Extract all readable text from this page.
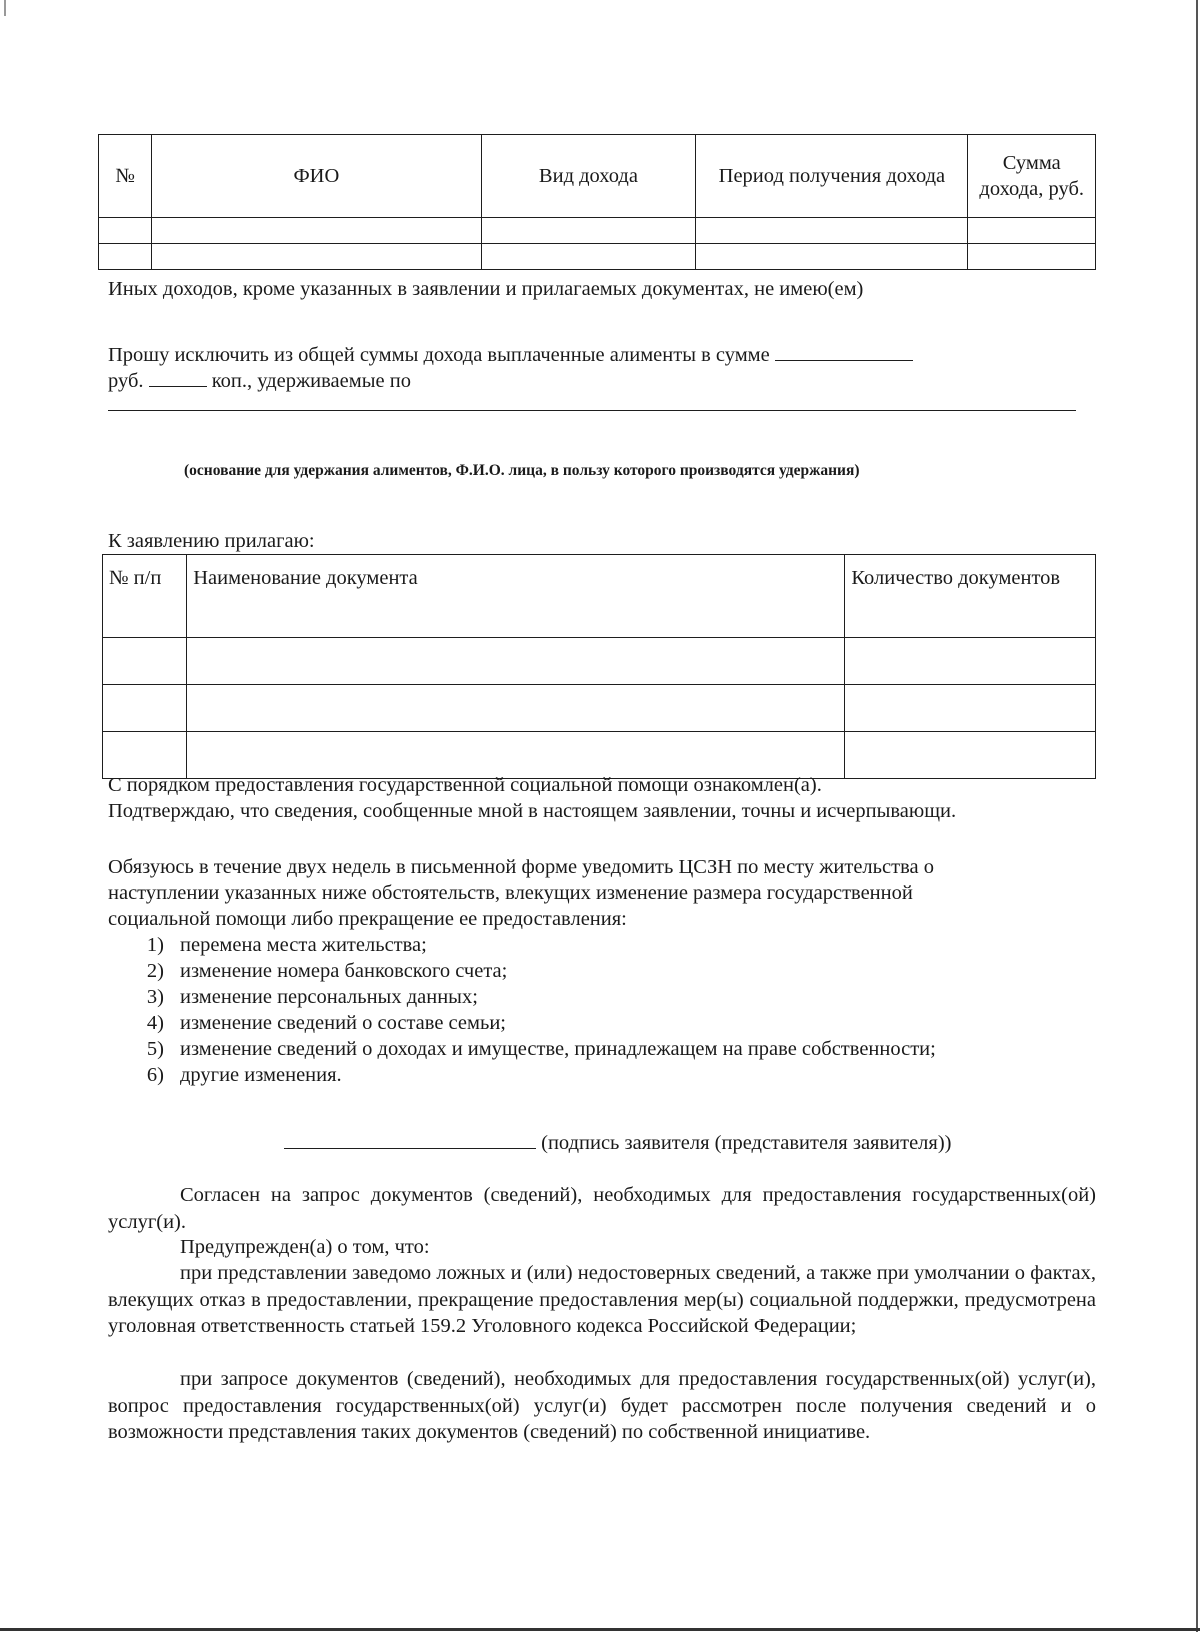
№	ФИО	Вид дохода	Период получения дохода	Сумма дохода, руб.

Иных доходов, кроме указанных в заявлении и прилагаемых документах, не имею(ем)
Прошу исключить из общей суммы дохода выплаченные алименты в сумме
руб.	коп., удерживаемые по
(основание для удержания алиментов, Ф.И.О. лица, в пользу которого производятся удержания)
К заявлению прилагаю:
№ п/п	Наименование документа	Количество документов

С порядком предоставления государственной социальной помощи ознакомлен(а).
Подтверждаю, что сведения, сообщенные мной в настоящем заявлении, точны и исчерпывающи.
Обязуюсь в течение двух недель в письменной форме уведомить ЦСЗН по месту жительства о
наступлении указанных ниже обстоятельств, влекущих изменение размера государственной
социальной помощи либо прекращение ее предоставления:
1) перемена места жительства;
2) изменение номера банковского счета;
3) изменение персональных данных;
4) изменение сведений о составе семьи;
5) изменение сведений о доходах и имуществе, принадлежащем на праве собственности;
6) другие изменения.
(подпись заявителя (представителя заявителя))
Согласен на запрос документов (сведений), необходимых для предоставления государственных(ой) услуг(и).
Предупрежден(а) о том, что:
при представлении заведомо ложных и (или) недостоверных сведений, а также при умолчании о фактах, влекущих отказ в предоставлении, прекращение предоставления мер(ы) социальной поддержки, предусмотрена уголовная ответственность статьей 159.2 Уголовного кодекса Российской Федерации;
при запросе документов (сведений), необходимых для предоставления государственных(ой) услуг(и), вопрос предоставления государственных(ой) услуг(и) будет рассмотрен после получения сведений и о возможности представления таких документов (сведений) по собственной инициативе.
